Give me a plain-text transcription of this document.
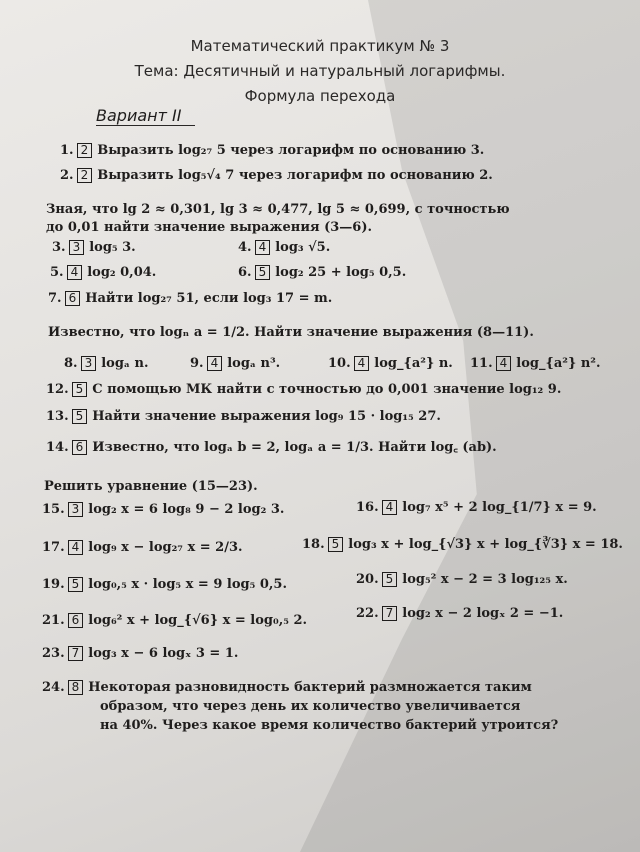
Математический практикум № 3
Тема: Десятичный и натуральный логарифмы.
Формула перехода
Вариант II
1. 2 Выразить log₂₇ 5 через логарифм по основанию 3.
2. 2 Выразить log₅√₄ 7 через логарифм по основанию 2.
Зная, что lg 2 ≈ 0,301, lg 3 ≈ 0,477, lg 5 ≈ 0,699, с точностью
до 0,01 найти значение выражения (3—6).
3. 3 log₅ 3.	4. 4 log₃ √5.
5. 4 log₂ 0,04.	6. 5 log₂ 25 + log₅ 0,5.
7. 6 Найти log₂₇ 51, если log₃ 17 = m.
Известно, что logₙ a = 1/2. Найти значение выражения (8—11).
8. 3 logₐ n.	9. 4 logₐ n³.	10. 4 log_{a²} n. 11. 4 log_{a²} n².
12. 5 С помощью МК найти с точностью до 0,001 значение log₁₂ 9.
13. 5 Найти значение выражения log₉ 15 · log₁₅ 27.
14. 6 Известно, что logₐ b = 2, logₐ a = 1/3. Найти log꜀ (ab).
Решить уравнение (15—23).
15. 3 log₂ x = 6 log₈ 9 − 2 log₂ 3.	16. 4 log₇ x⁵ + 2 log_{1/7} x = 9.
17. 4 log₉ x − log₂₇ x = 2/3.	18. 5 log₃ x + log_{√3} x + log_{∛3} x = 18.
19. 5 log₀,₅ x · log₅ x = 9 log₅ 0,5.	20. 5 log₅² x − 2 = 3 log₁₂₅ x.
21. 6 log₆² x + log_{√6} x = log₀,₅ 2.	22. 7 log₂ x − 2 logₓ 2 = −1.
23. 7 log₃ x − 6 logₓ 3 = 1.
24. 8 Некоторая разновидность бактерий размножается таким
образом, что через день их количество увеличивается
на 40%. Через какое время количество бактерий утроится?
